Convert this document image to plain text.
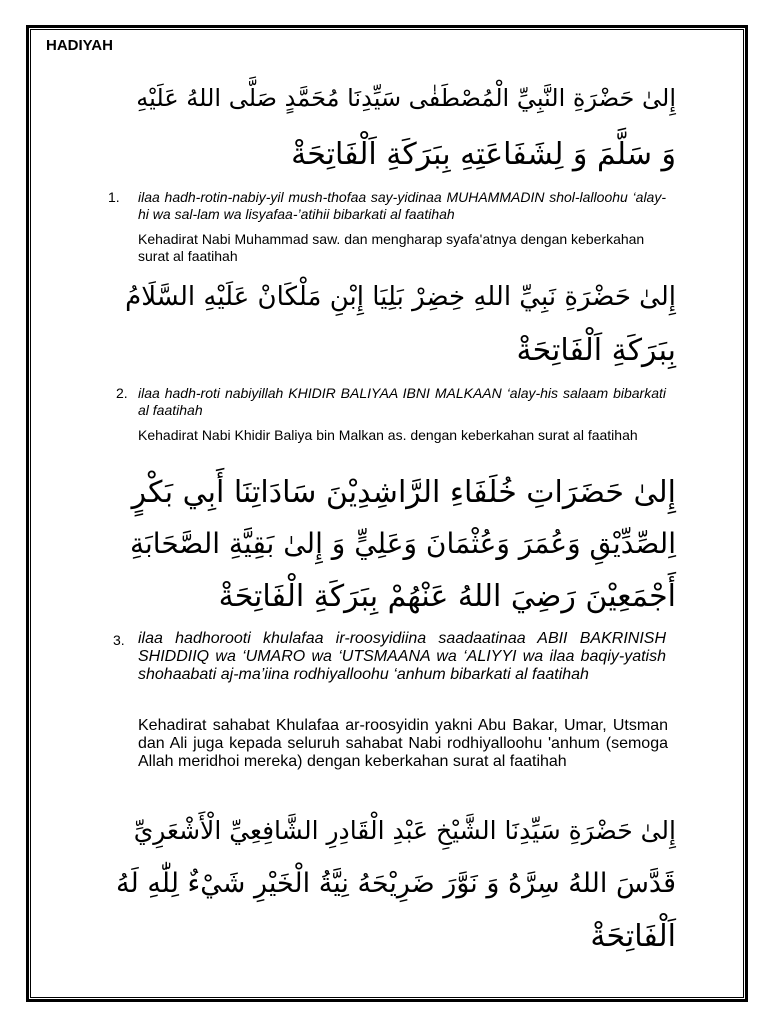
HADIYAH
إِلىٰ حَضْرَةِ النَّبِيِّ الْمُصْطَفٰى سَيِّدِنَا مُحَمَّدٍ صَلَّى اللهُ عَلَيْهِ
وَ سَلَّمَ وَ لِشَفَاعَتِهِ بِبَرَكَةِ اَلْفَاتِحَةْ
1. ilaa hadh-rotin-nabiy-yil mush-thofaa say-yidinaa MUHAMMADIN shol-lalloohu ‘alay-hi wa sal-lam wa lisyafaa-’atihii bibarkati al faatihah
Kehadirat Nabi Muhammad saw. dan mengharap syafa'atnya dengan keberkahan surat al faatihah
إِلىٰ حَضْرَةِ نَبِيِّ اللهِ خِضِرْ بَلِيَا إِبْنِ مَلْكَانْ عَلَيْهِ السَّلَامُ
بِبَرَكَةِ اَلْفَاتِحَةْ
2. ilaa hadh-roti nabiyillah KHIDIR BALIYAA IBNI MALKAAN ‘alay-his salaam bibarkati al faatihah
Kehadirat Nabi Khidir Baliya bin Malkan as. dengan keberkahan surat al faatihah
إِلىٰ حَضَرَاتِ خُلَفَاءِ الرَّاشِدِيْنَ سَادَاتِنَا أَبِي بَكْرٍ
اِلصِّدِّيْقِ وَعُمَرَ وَعُثْمَانَ وَعَلِيٍّ وَ إِلىٰ بَقِيَّةِ الصَّحَابَةِ
أَجْمَعِيْنَ رَضِيَ اللهُ عَنْهُمْ بِبَرَكَةِ الْفَاتِحَةْ
3. ilaa hadhorooti khulafaa ir-roosyidiina saadaatinaa ABII BAKRINISH SHIDDIIQ wa ‘UMARO wa ‘UTSMAANA wa ‘ALIYYI wa ilaa baqiy-yatish shohaabati aj-ma’iina rodhiyalloohu ‘anhum bibarkati al faatihah
Kehadirat sahabat Khulafaa ar-roosyidin yakni Abu Bakar, Umar, Utsman dan Ali juga kepada seluruh sahabat Nabi rodhiyalloohu 'anhum (semoga Allah meridhoi mereka) dengan keberkahan surat al faatihah
إِلىٰ حَضْرَةِ سَيِّدِنَا الشَّيْخِ عَبْدِ الْقَادِرِ الشَّافِعِيِّ الْأَشْعَرِيِّ
قَدَّسَ اللهُ سِرَّهُ وَ نَوَّرَ ضَرِيْحَهُ نِيَّةُ الْخَيْرِ شَيْءٌ لِلّٰهِ لَهُ
اَلْفَاتِحَةْ
